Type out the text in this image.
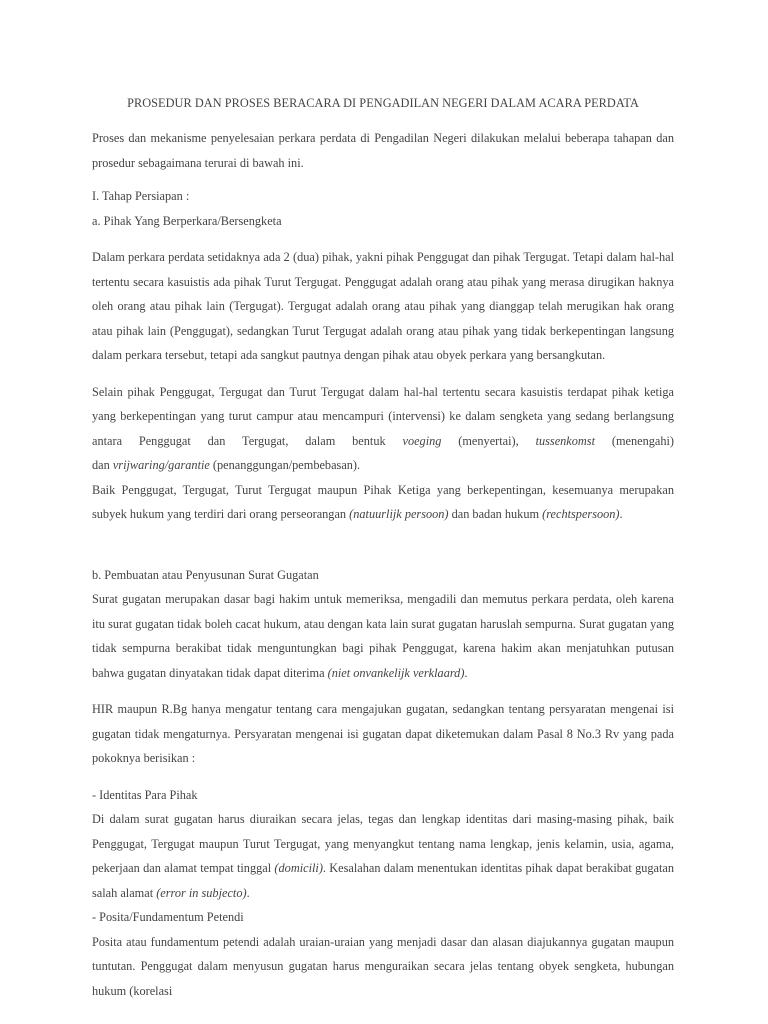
PROSEDUR DAN PROSES BERACARA DI PENGADILAN NEGERI DALAM ACARA PERDATA

Proses dan mekanisme penyelesaian perkara perdata di Pengadilan Negeri dilakukan melalui beberapa tahapan dan prosedur sebagaimana terurai di bawah ini.

I. Tahap Persiapan :

a. Pihak Yang Berperkara/Bersengketa

Dalam perkara perdata setidaknya ada 2 (dua) pihak, yakni pihak Penggugat dan pihak Tergugat. Tetapi dalam hal-hal tertentu secara kasuistis ada pihak Turut Tergugat. Penggugat adalah orang atau pihak yang merasa dirugikan haknya oleh orang atau pihak lain (Tergugat). Tergugat adalah orang atau pihak yang dianggap telah merugikan hak orang atau pihak lain (Penggugat), sedangkan Turut Tergugat adalah orang atau pihak yang tidak berkepentingan langsung dalam perkara tersebut, tetapi ada sangkut pautnya dengan pihak atau obyek perkara yang bersangkutan.

Selain pihak Penggugat, Tergugat dan Turut Tergugat dalam hal-hal tertentu secara kasuistis terdapat pihak ketiga yang berkepentingan yang turut campur atau mencampuri (intervensi) ke dalam sengketa yang sedang berlangsung antara Penggugat dan Tergugat, dalam bentuk voeging (menyertai), tussenkomst (menengahi)

dan vrijwaring/garantie (penanggungan/pembebasan).

Baik Penggugat, Tergugat, Turut Tergugat maupun Pihak Ketiga yang berkepentingan, kesemuanya merupakan subyek hukum yang terdiri dari orang perseorangan (natuurlijk persoon) dan badan hukum (rechtspersoon).

b. Pembuatan atau Penyusunan Surat Gugatan

Surat gugatan merupakan dasar bagi hakim untuk memeriksa, mengadili dan memutus perkara perdata, oleh karena itu surat gugatan tidak boleh cacat hukum, atau dengan kata lain surat gugatan haruslah sempurna. Surat gugatan yang tidak sempurna berakibat tidak menguntungkan bagi pihak Penggugat, karena hakim akan menjatuhkan putusan bahwa gugatan dinyatakan tidak dapat diterima (niet onvankelijk verklaard).

HIR maupun R.Bg hanya mengatur tentang cara mengajukan gugatan, sedangkan tentang persyaratan mengenai isi gugatan tidak mengaturnya. Persyaratan mengenai isi gugatan dapat diketemukan dalam Pasal 8 No.3 Rv yang pada pokoknya berisikan :

- Identitas Para Pihak

Di dalam surat gugatan harus diuraikan secara jelas, tegas dan lengkap identitas dari masing-masing pihak, baik Penggugat, Tergugat maupun Turut Tergugat, yang menyangkut tentang nama lengkap, jenis kelamin, usia, agama, pekerjaan dan alamat tempat tinggal (domicili). Kesalahan dalam menentukan identitas pihak dapat berakibat gugatan salah alamat (error in subjecto).

- Posita/Fundamentum Petendi

Posita atau fundamentum petendi adalah uraian-uraian yang menjadi dasar dan alasan diajukannya gugatan maupun tuntutan. Penggugat dalam menyusun gugatan harus menguraikan secara jelas tentang obyek sengketa, hubungan hukum (korelasi
